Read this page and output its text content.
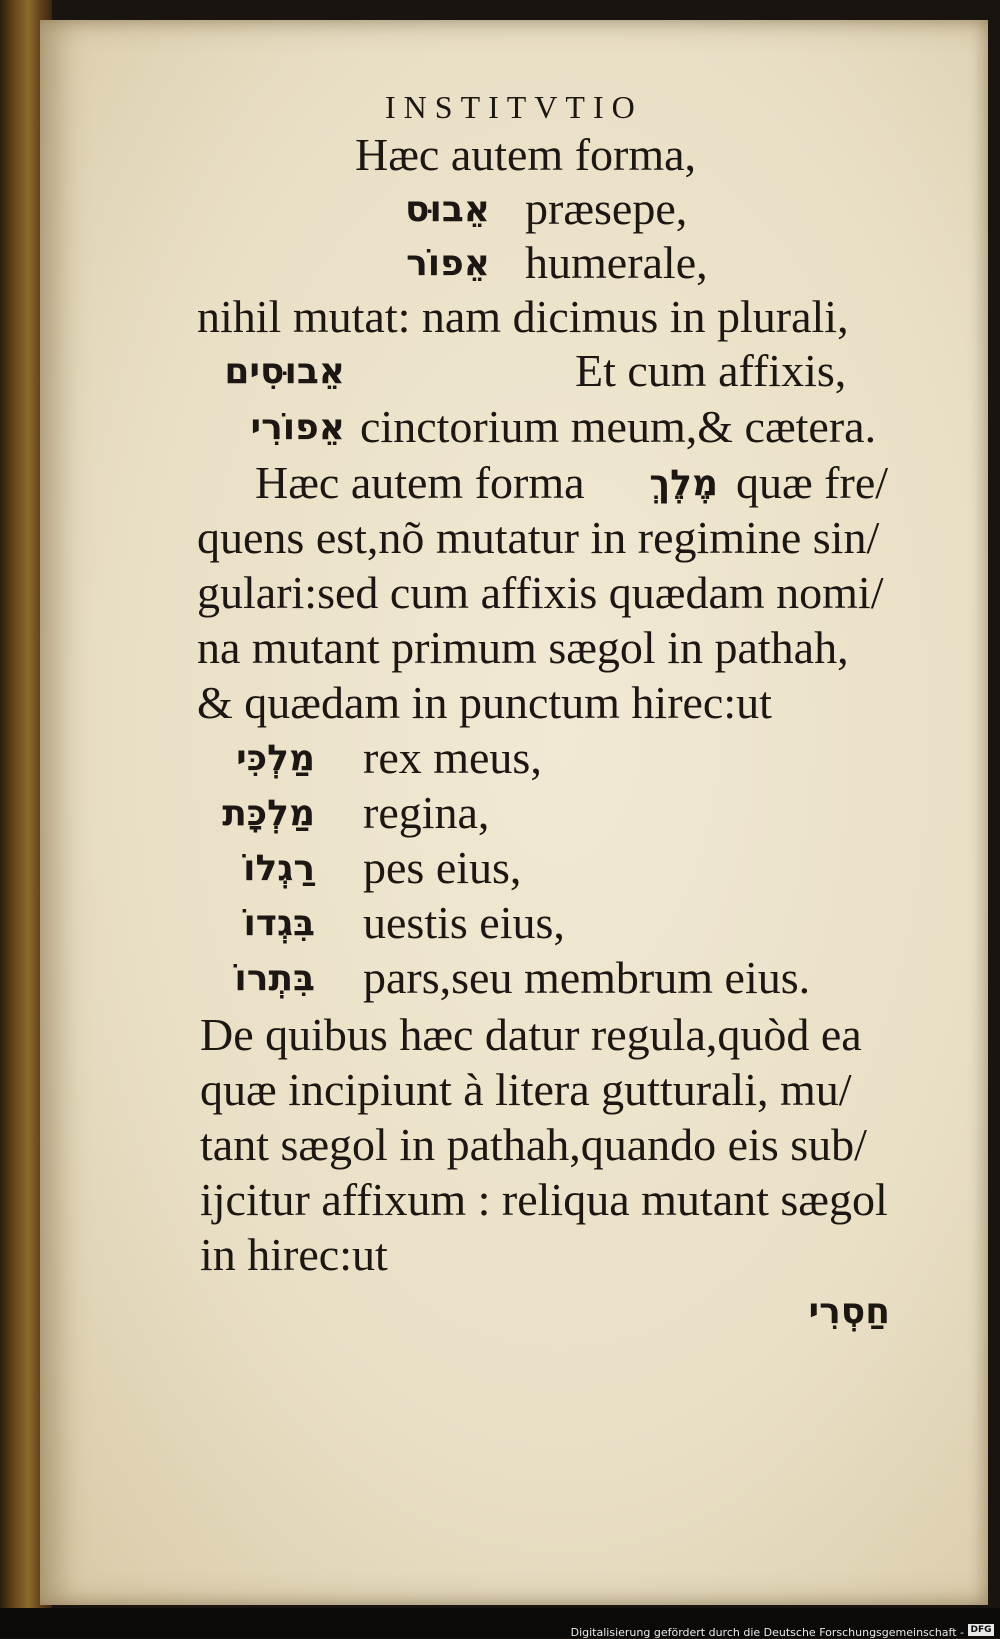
INSTITVTIO
Hæc autem forma,
אֵבוּס præsepe,
אֵפוֹר humerale,
nihil mutat: nam dicimus in plurali,
אֵבוּסִים	Et cum affixis,
אֵפוֹרִי cinctorium meum,& cætera.
Hæc autem forma	מֶלֶךְ quæ fre/
quens est,nõ mutatur in regimine sin/
gulari:sed cum affixis quædam nomi/
na mutant primum sægol in pathah,
& quædam in punctum hirec:ut
מַלְכִּי rex meus,
מַלְכָּת regina,
רַגְלוֹ pes eius,
בִּגְדוֹ uestis eius,
בִּתְרוֹ pars,seu membrum eius.
De quibus hæc datur regula,quòd ea
quæ incipiunt à litera gutturali, mu/
tant sægol in pathah,quando eis sub/
ijcitur affixum : reliqua mutant sægol
in hirec:ut
חַסְרִי
Digitalisierung gefördert durch die Deutsche Forschungsgemeinschaft - DFG
